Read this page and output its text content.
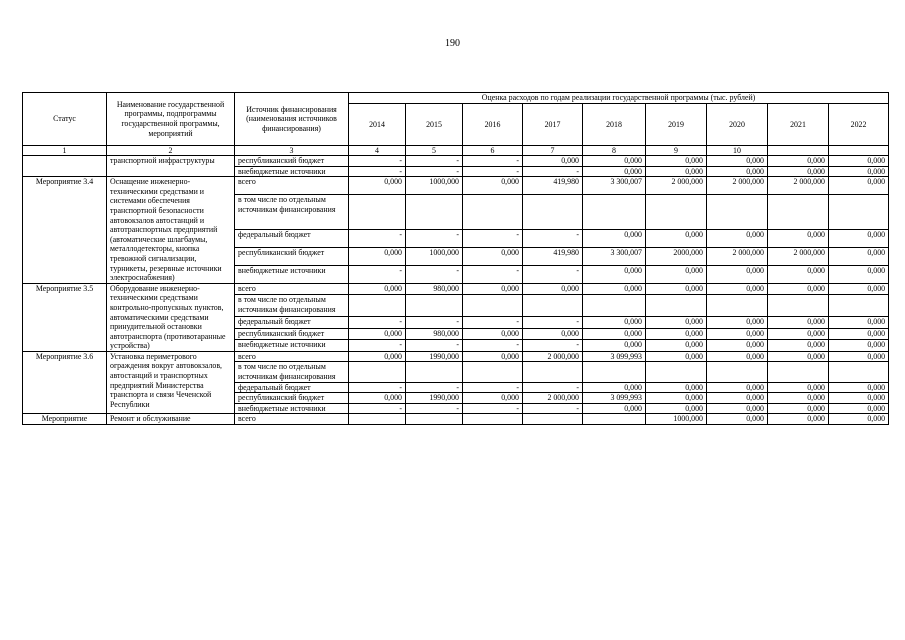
190
Статус	Наименование государственной программы, подпрограммы государственной программы, мероприятий	Источник финансирования (наименования источников финансирования)	Оценка расходов по годам реализации государственной программы (тыс. рублей)								
			2014	2015	2016	2017	2018	2019	2020	2021	2022
1	2	3	4	5	6	7	8	9	10		
	транспортной инфраструктуры	республиканский бюджет	-	-	-	0,000	0,000	0,000	0,000	0,000	0,000
		внебюджетные источники	-	-	-	-	0,000	0,000	0,000	0,000	0,000
Мероприятие 3.4	Оснащение инженерно-техническими средствами и системами обеспечения транспортной безопасности автовокзалов автостанций и автотранспортных предприятий (автоматические шлагбаумы, металлодетекторы, кнопка тревожной сигнализации, турникеты, резервные источники электроснабжения)	всего	0,000	1000,000	0,000	419,980	3 300,007	2 000,000	2 000,000	2 000,000	0,000
		в том числе по отдельным источникам финансирования									
		федеральный бюджет	-	-	-	-	0,000	0,000	0,000	0,000	0,000
		республиканский бюджет	0,000	1000,000	0,000	419,980	3 300,007	2000,000	2 000,000	2 000,000	0,000
		внебюджетные источники	-	-	-	-	0,000	0,000	0,000	0,000	0,000
Мероприятие 3.5	Оборудование инженерно-техническими средствами контрольно-пропускных пунктов, автоматическими средствами принудительной остановки автотранспорта (противотаранные устройства)	всего	0,000	980,000	0,000	0,000	0,000	0,000	0,000	0,000	0,000
		в том числе по отдельным источникам финансирования									
		федеральный бюджет	-	-	-	-	0,000	0,000	0,000	0,000	0,000
		республиканский бюджет	0,000	980,000	0,000	0,000	0,000	0,000	0,000	0,000	0,000
		внебюджетные источники	-	-	-	-	0,000	0,000	0,000	0,000	0,000
Мероприятие 3.6	Установка периметрового ограждения вокруг автовокзалов, автостанций и транспортных предприятий Министерства транспорта и связи Чеченской Республики	всего	0,000	1990,000	0,000	2 000,000	3 099,993	0,000	0,000	0,000	0,000
		в том числе по отдельным источникам финансирования									
		федеральный бюджет	-	-	-	-	0,000	0,000	0,000	0,000	0,000
		республиканский бюджет	0,000	1990,000	0,000	2 000,000	3 099,993	0,000	0,000	0,000	0,000
		внебюджетные источники	-	-	-	-	0,000	0,000	0,000	0,000	0,000
Мероприятие	Ремонт и обслуживание	всего						1000,000	0,000	0,000	0,000
